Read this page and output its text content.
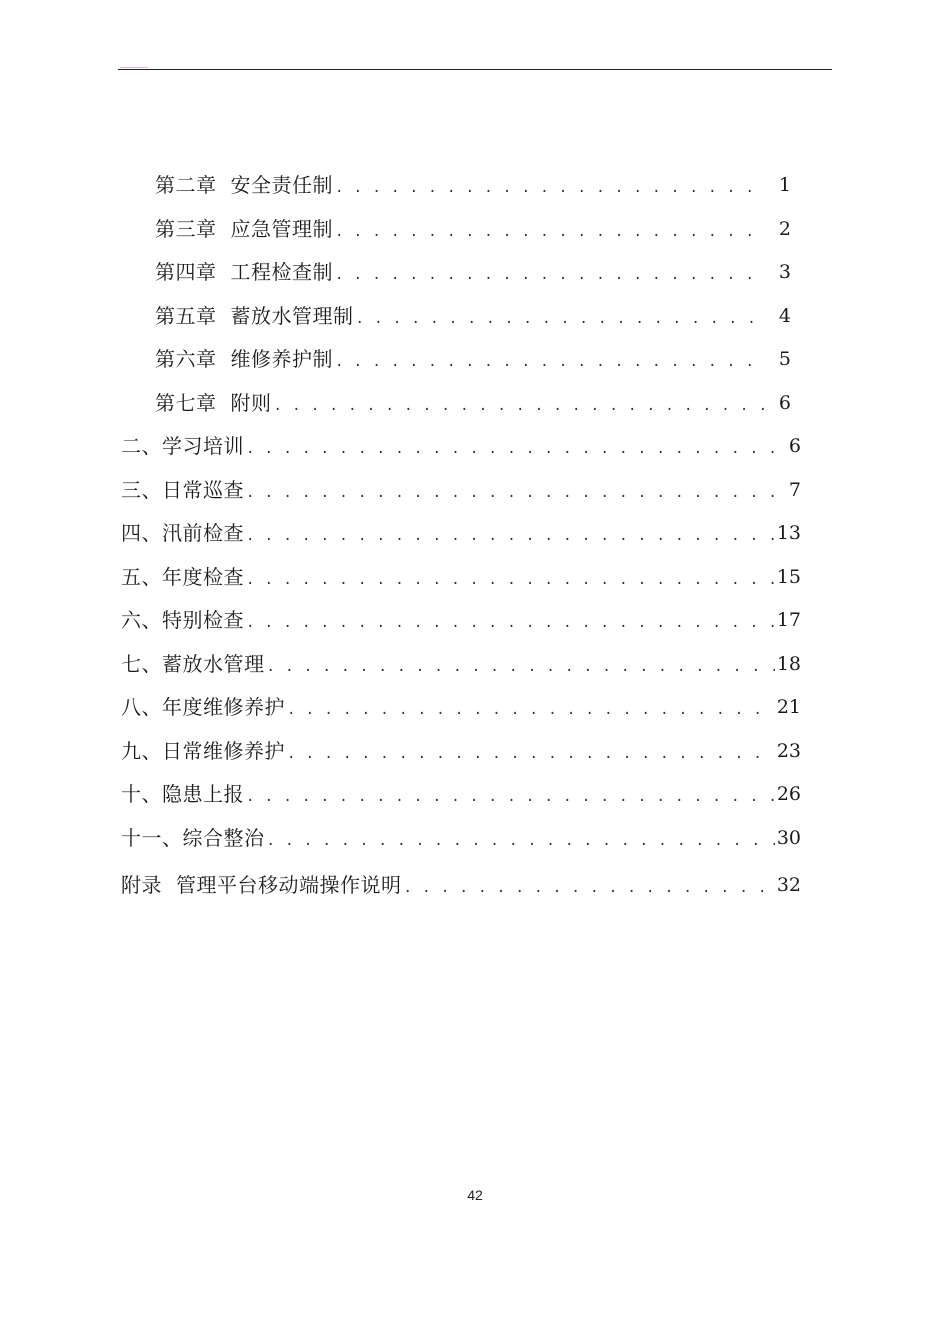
第二章 安全责任制 . . .	1
第三章 应急管理制 . . .	2
第四章 工程检查制 . . .	3
第五章 蓄放水管理制 . . .	4
第六章 维修养护制 . . .	5
第七章 附则 . . .	6
二、学习培训 . . .	6
三、日常巡查 . . .	7
四、汛前检查 . . .	13
五、年度检查 . . .	15
六、特别检查 . . .	17
七、蓄放水管理 . . .	18
八、年度维修养护 . . .	21
九、日常维修养护 . . .	23
十、隐患上报 . . .	26
十一、综合整治 . . .	30
附录 管理平台移动端操作说明 . . .	32
42
